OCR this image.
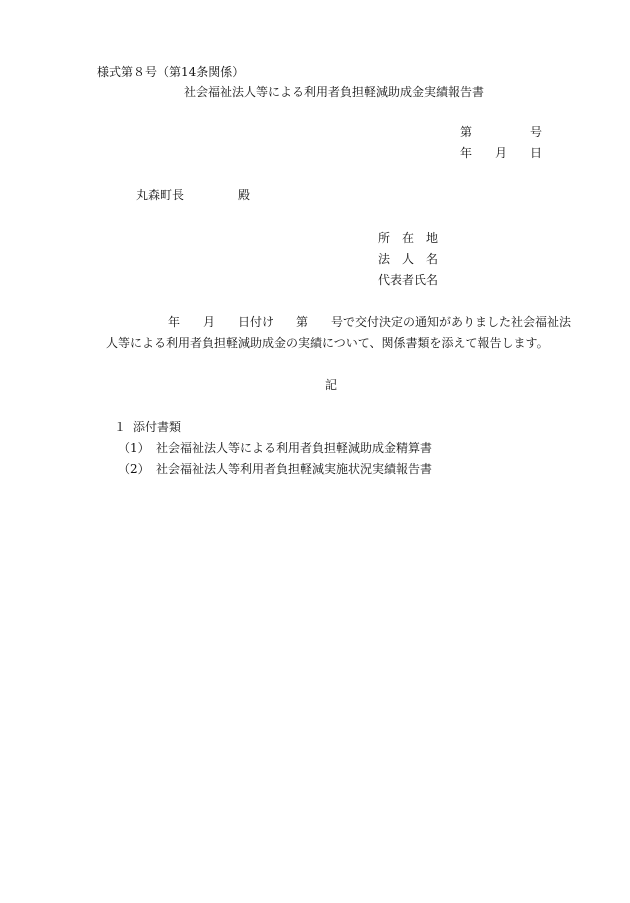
様式第８号（第14条関係）
社会福祉法人等による利用者負担軽減助成金実績報告書
第	号
年 月 日
丸森町長	殿
所　在　地
法　人　名
代表者氏名
年 月 日付け 第 号で交付決定の通知がありました社会福祉法
人等による利用者負担軽減助成金の実績について、関係書類を添えて報告します。
記
１ 添付書類
（1） 社会福祉法人等による利用者負担軽減助成金精算書
（2） 社会福祉法人等利用者負担軽減実施状況実績報告書
